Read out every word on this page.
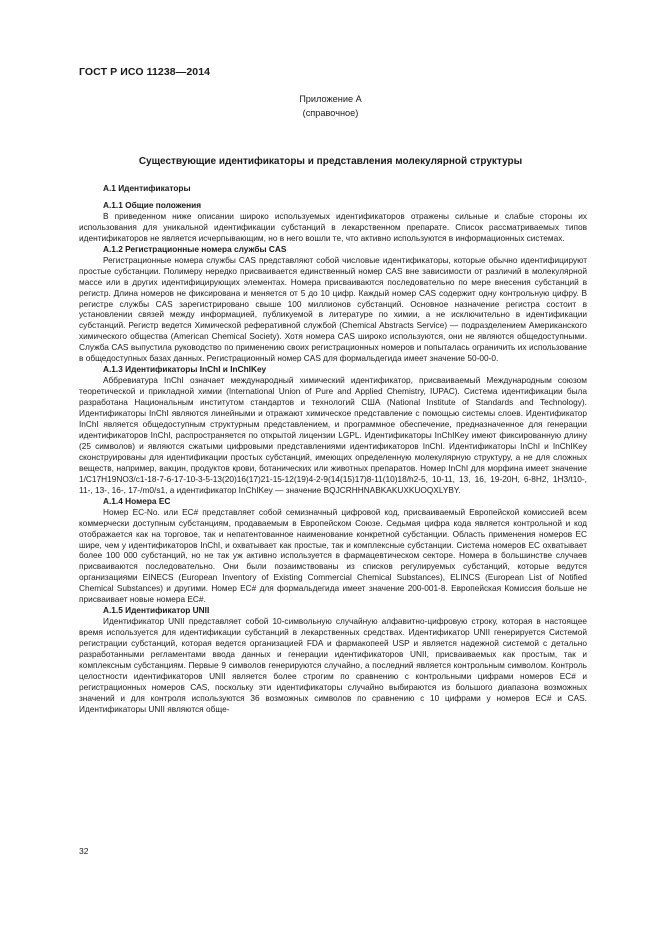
ГОСТ Р ИСО 11238—2014
Приложение А
(справочное)
Существующие идентификаторы и представления молекулярной структуры
А.1 Идентификаторы
А.1.1 Общие положения

В приведенном ниже описании широко используемых идентификаторов отражены сильные и слабые стороны их использования для уникальной идентификации субстанций в лекарственном препарате. Список рассматриваемых типов идентификаторов не является исчерпывающим, но в него вошли те, что активно используются в информационных системах.

А.1.2 Регистрационные номера службы CAS

Регистрационные номера службы CAS представляют собой числовые идентификаторы, которые обычно идентифицируют простые субстанции. Полимеру нередко присваивается единственный номер CAS вне зависимости от различий в молекулярной массе или в других идентифицирующих элементах. Номера присваиваются последовательно по мере внесения субстанций в регистр. Длина номеров не фиксирована и меняется от 5 до 10 цифр. Каждый номер CAS содержит одну контрольную цифру. В регистре службы CAS зарегистрировано свыше 100 миллионов субстанций. Основное назначение регистра состоит в установлении связей между информацией, публикуемой в литературе по химии, а не исключительно в идентификации субстанций. Регистр ведется Химической реферативной службой (Chemical Abstracts Service) — подразделением Американского химического общества (American Chemical Society). Хотя номера CAS широко используются, они не являются общедоступными. Служба CAS выпустила руководство по применению своих регистрационных номеров и попыталась ограничить их использование в общедоступных базах данных. Регистрационный номер CAS для формальдегида имеет значение 50-00-0.

А.1.3 Идентификаторы InChI и InChIKey

Аббревиатура InChI означает международный химический идентификатор, присваиваемый Международным союзом теоретической и прикладной химии (International Union of Pure and Applied Chemistry, IUPAC). Система идентификации была разработана Национальным институтом стандартов и технологий США (National Institute of Standards and Technology). Идентификаторы InChI являются линейными и отражают химическое представление с помощью системы слоев. Идентификатор InChI является общедоступным структурным представлением, и программное обеспечение, предназначенное для генерации идентификаторов InChI, распространяется по открытой лицензии LGPL. Идентификаторы InChIKey имеют фиксированную длину (25 символов) и являются сжатыми цифровыми представлениями идентификаторов InChI. Идентификаторы InChI и InChIKey сконструированы для идентификации простых субстанций, имеющих определенную молекулярную структуру, а не для сложных веществ, например, вакцин, продуктов крови, ботанических или животных препаратов. Номер InChI для морфина имеет значение 1/C17H19NO3/c1-18-7-6-17-10-3-5-13(20)16(17)21-15-12(19)4-2-9(14(15)17)8-11(10)18/h2-5, 10-11, 13, 16, 19-20H, 6-8H2, 1H3/t10-, 11-, 13-, 16-, 17-/m0/s1, а идентификатор InChIKey — значение BQJCRHHNABKAKUXKUOQXLYBY.

А.1.4 Номера ЕС

Номер ЕС-No. или ЕС# представляет собой семизначный цифровой код, присваиваемый Европейской комиссией всем коммерчески доступным субстанциям, продаваемым в Европейском Союзе. Седьмая цифра кода является контрольной и код отображается как на торговое, так и непатентованное наименование конкретной субстанции. Область применения номеров ЕС шире, чем у идентификаторов InChI, и охватывает как простые, так и комплексные субстанции. Система номеров ЕС охватывает более 100 000 субстанций, но не так уж активно используется в фармацевтическом секторе. Номера в большинстве случаев присваиваются последовательно. Они были позаимствованы из списков регулируемых субстанций, которые ведутся организациями EINECS (European Inventory of Existing Commercial Chemical Substances), ELINCS (European List of Notified Chemical Substances) и другими. Номер ЕС# для формальдегида имеет значение 200-001-8. Европейская Комиссия больше не присваивает новые номера ЕС#.

А.1.5 Идентификатор UNII

Идентификатор UNII представляет собой 10-символьную случайную алфавитно-цифровую строку, которая в настоящее время используется для идентификации субстанций в лекарственных средствах. Идентификатор UNII генерируется Системой регистрации субстанций, которая ведется организацией FDA и фармакопеей USP и является надежной системой с детально разработанными регламентами ввода данных и генерации идентификаторов UNII, присваиваемых как простым, так и комплексным субстанциям. Первые 9 символов генерируются случайно, а последний является контрольным символом. Контроль целостности идентификаторов UNII является более строгим по сравнению с контрольными цифрами номеров ЕС# и регистрационных номеров CAS, поскольку эти идентификаторы случайно выбираются из большого диапазона возможных значений и для контроля используются 36 возможных символов по сравнению с 10 цифрами у номеров ЕС# и CAS. Идентификаторы UNII являются обще-

32
